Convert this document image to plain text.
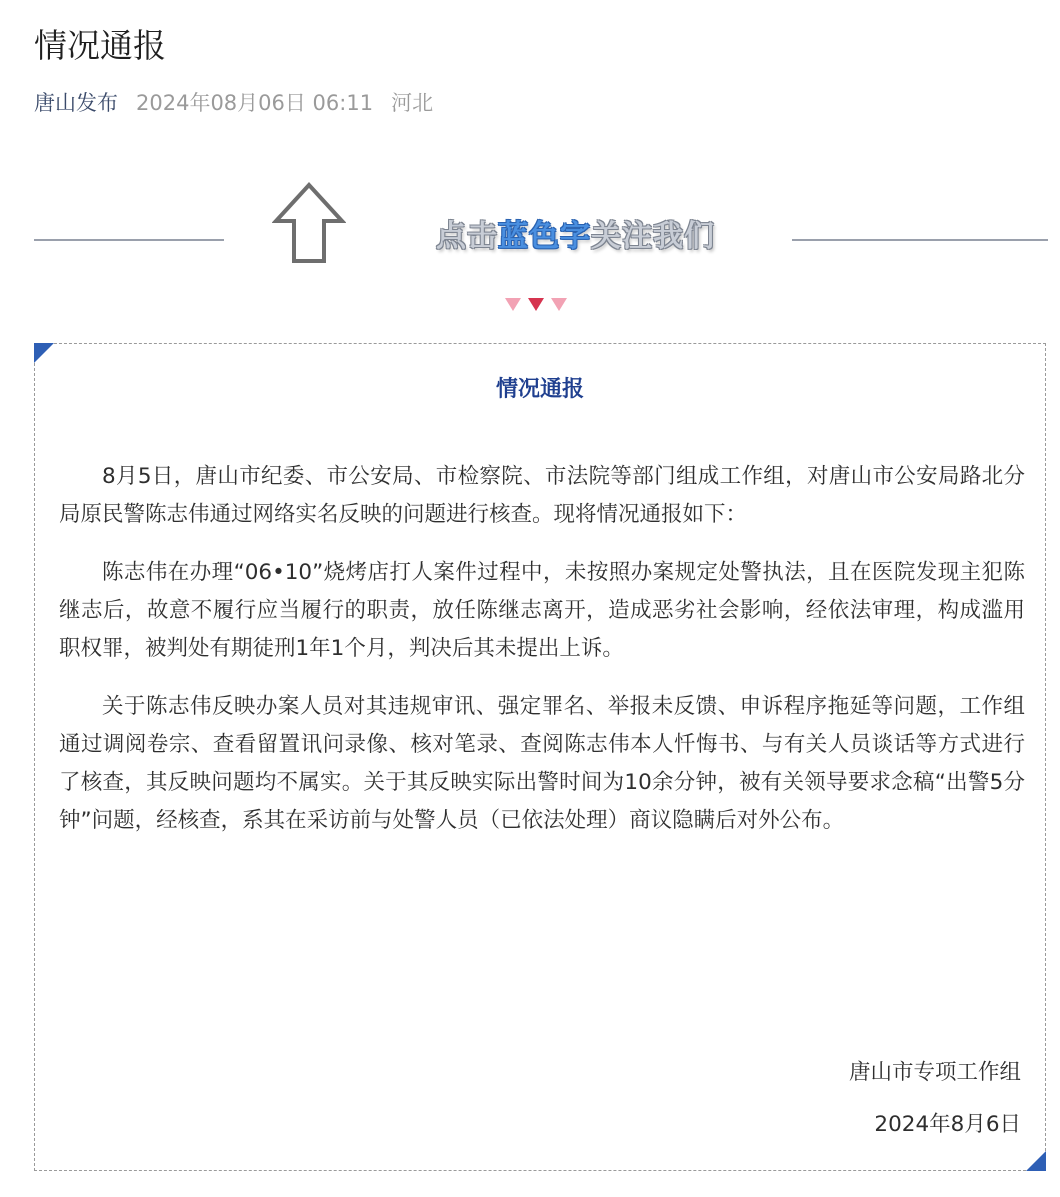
情况通报
唐山发布 2024年08月06日 06:11 河北
点击蓝色字关注我们
情况通报

8月5日，唐山市纪委、市公安局、市检察院、市法院等部门组成工作组，对唐山市公安局路北分局原民警陈志伟通过网络实名反映的问题进行核查。现将情况通报如下：

陈志伟在办理“06•10”烧烤店打人案件过程中，未按照办案规定处警执法，且在医院发现主犯陈继志后，故意不履行应当履行的职责，放任陈继志离开，造成恶劣社会影响，经依法审理，构成滥用职权罪，被判处有期徒刑1年1个月，判决后其未提出上诉。

关于陈志伟反映办案人员对其违规审讯、强定罪名、举报未反馈、申诉程序拖延等问题，工作组通过调阅卷宗、查看留置讯问录像、核对笔录、查阅陈志伟本人忏悔书、与有关人员谈话等方式进行了核查，其反映问题均不属实。关于其反映实际出警时间为10余分钟，被有关领导要求念稿“出警5分钟”问题，经核查，系其在采访前与处警人员（已依法处理）商议隐瞒后对外公布。

唐山市专项工作组
2024年8月6日
